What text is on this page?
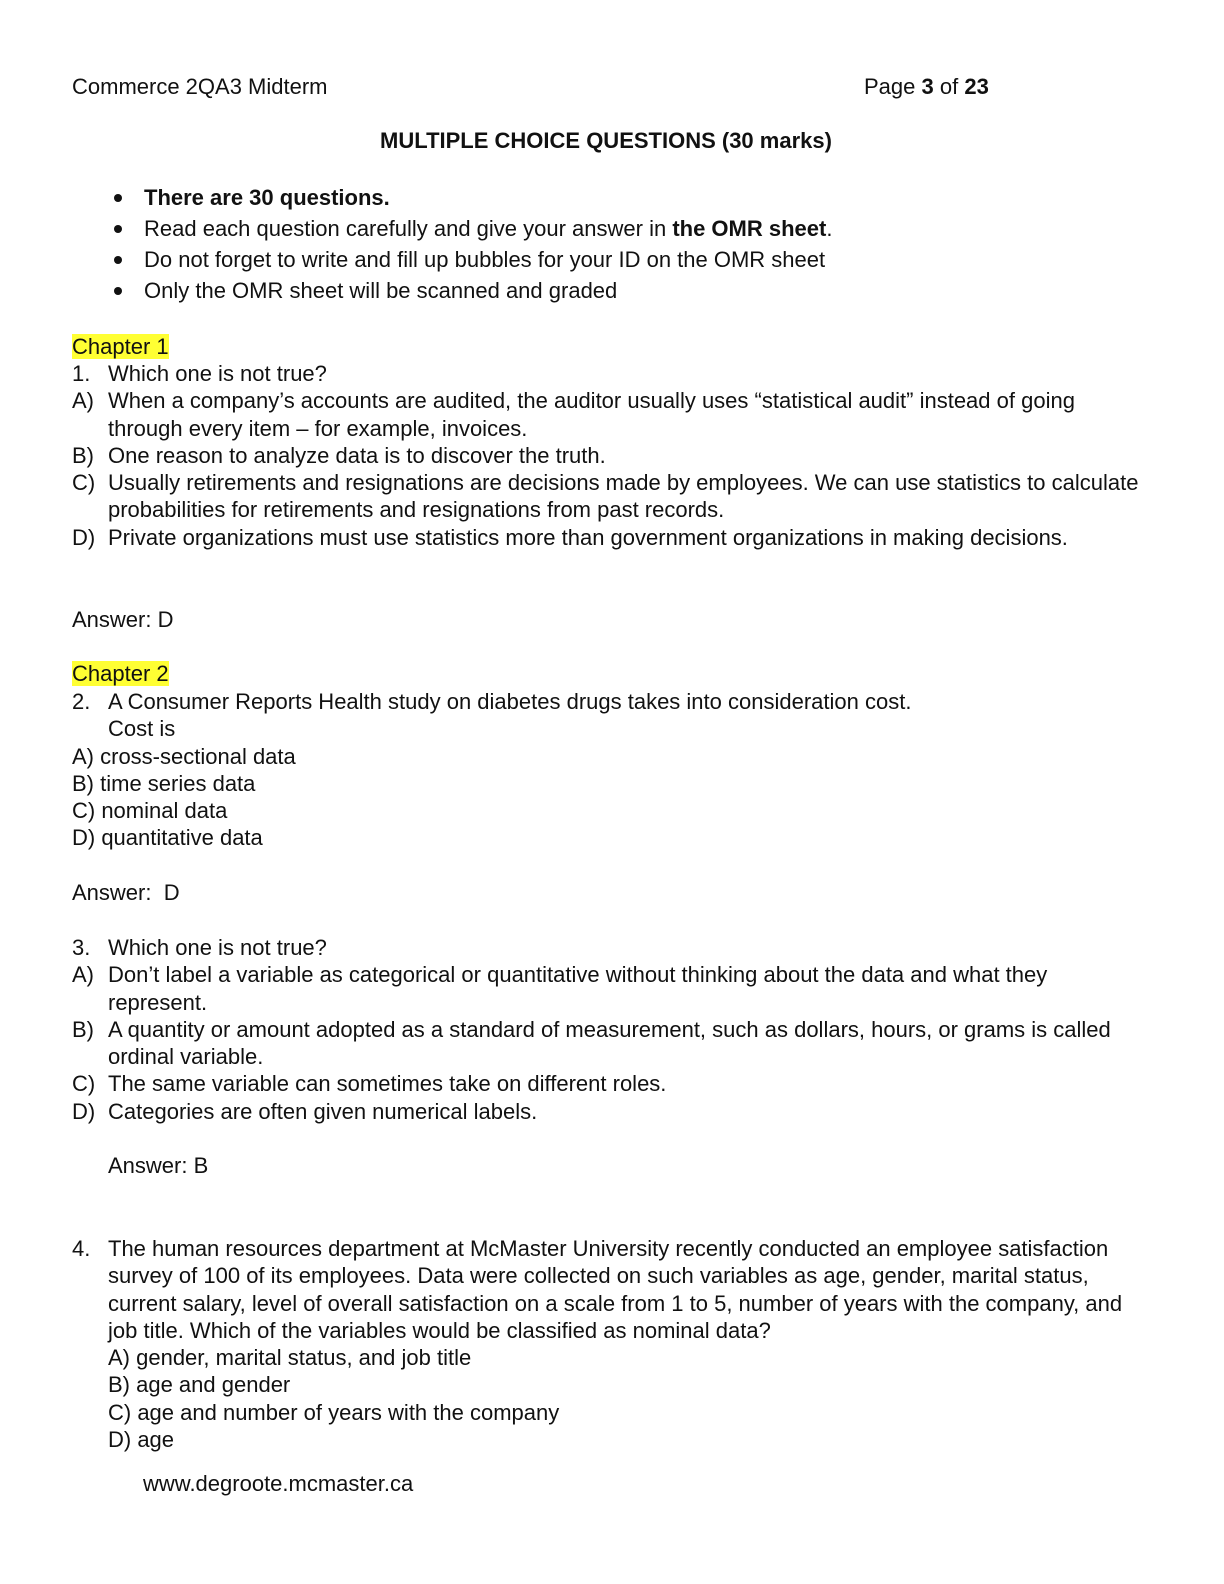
Commerce 2QA3 Midterm	Page 3 of 23
MULTIPLE CHOICE QUESTIONS (30 marks)
There are 30 questions.
Read each question carefully and give your answer in the OMR sheet.
Do not forget to write and fill up bubbles for your ID on the OMR sheet
Only the OMR sheet will be scanned and graded
Chapter 1
1. Which one is not true?
A) When a company’s accounts are audited, the auditor usually uses “statistical audit” instead of going through every item – for example, invoices.
B) One reason to analyze data is to discover the truth.
C) Usually retirements and resignations are decisions made by employees. We can use statistics to calculate probabilities for retirements and resignations from past records.
D) Private organizations must use statistics more than government organizations in making decisions.
Answer: D
Chapter 2
2. A Consumer Reports Health study on diabetes drugs takes into consideration cost.
Cost is
A) cross-sectional data
B) time series data
C) nominal data
D) quantitative data
Answer:  D
3. Which one is not true?
A) Don’t label a variable as categorical or quantitative without thinking about the data and what they represent.
B) A quantity or amount adopted as a standard of measurement, such as dollars, hours, or grams is called ordinal variable.
C) The same variable can sometimes take on different roles.
D) Categories are often given numerical labels.
Answer: B
4. The human resources department at McMaster University recently conducted an employee satisfaction survey of 100 of its employees. Data were collected on such variables as age, gender, marital status, current salary, level of overall satisfaction on a scale from 1 to 5, number of years with the company, and job title. Which of the variables would be classified as nominal data?
A) gender, marital status, and job title
B) age and gender
C) age and number of years with the company
D) age
www.degroote.mcmaster.ca
